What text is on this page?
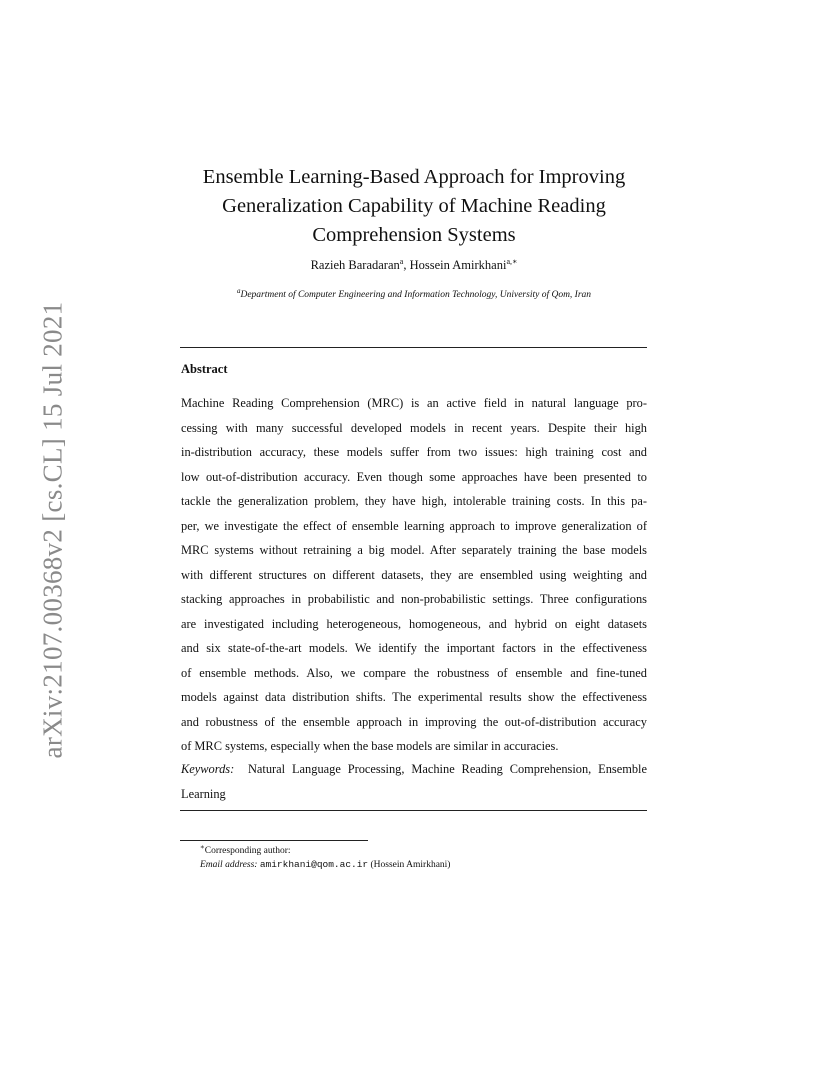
arXiv:2107.00368v2 [cs.CL] 15 Jul 2021
Ensemble Learning-Based Approach for Improving
Generalization Capability of Machine Reading
Comprehension Systems
Razieh Baradaran$^a$, Hossein Amirkhani$^{a,∗}$
$^a$Department of Computer Engineering and Information Technology, University of Qom, Iran
Abstract
Machine Reading Comprehension (MRC) is an active field in natural language pro-
cessing with many successful developed models in recent years. Despite their high
in-distribution accuracy, these models suffer from two issues: high training cost and
low out-of-distribution accuracy. Even though some approaches have been presented to
tackle the generalization problem, they have high, intolerable training costs. In this pa-
per, we investigate the effect of ensemble learning approach to improve generalization of
MRC systems without retraining a big model. After separately training the base models
with different structures on different datasets, they are ensembled using weighting and
stacking approaches in probabilistic and non-probabilistic settings. Three configurations
are investigated including heterogeneous, homogeneous, and hybrid on eight datasets
and six state-of-the-art models. We identify the important factors in the effectiveness
of ensemble methods. Also, we compare the robustness of ensemble and fine-tuned
models against data distribution shifts. The experimental results show the effectiveness
and robustness of the ensemble approach in improving the out-of-distribution accuracy
of MRC systems, especially when the base models are similar in accuracies.
Keywords: Natural Language Processing, Machine Reading Comprehension, Ensemble
Learning
∗Corresponding author:
Email address: amirkhani@qom.ac.ir (Hossein Amirkhani)
